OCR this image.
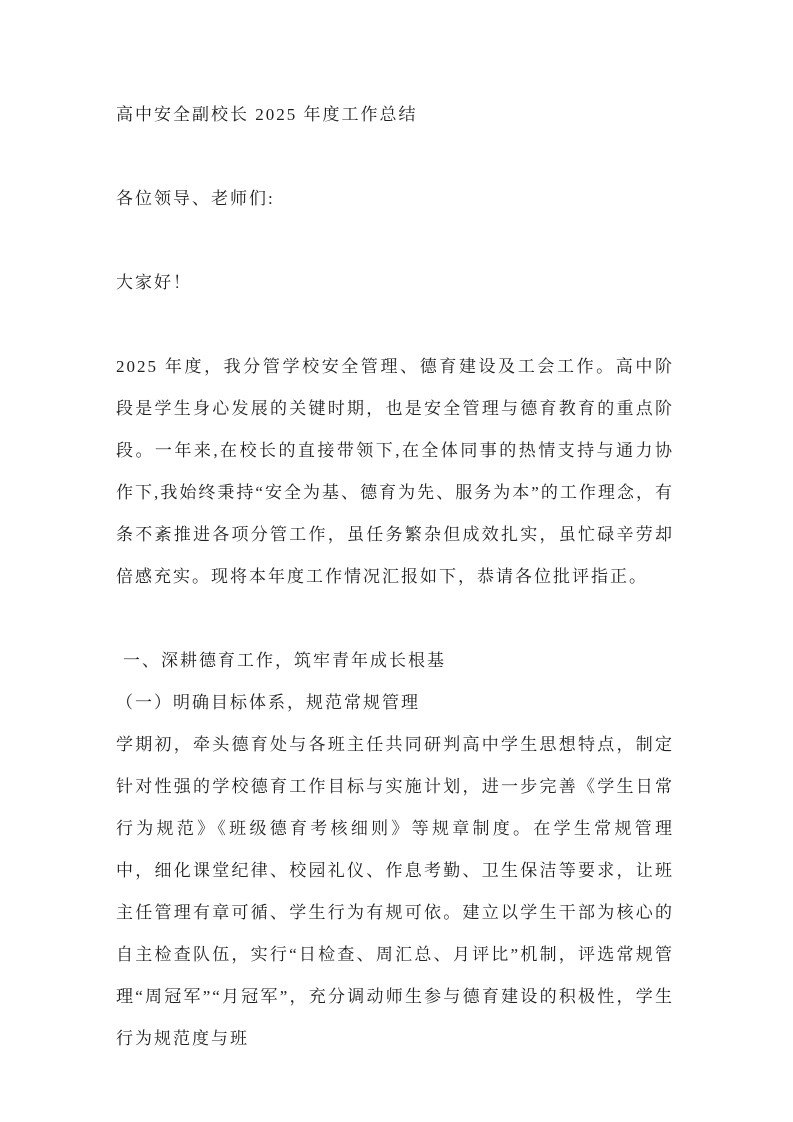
高中安全副校长 2025 年度工作总结

各位领导、老师们:

大家好！

2025 年度，我分管学校安全管理、德育建设及工会工作。高中阶段是学生身心发展的关键时期，也是安全管理与德育教育的重点阶段。一年来,在校长的直接带领下,在全体同事的热情支持与通力协作下,我始终秉持“安全为基、德育为先、服务为本”的工作理念，有条不紊推进各项分管工作，虽任务繁杂但成效扎实，虽忙碌辛劳却倍感充实。现将本年度工作情况汇报如下，恭请各位批评指正。

一、深耕德育工作，筑牢青年成长根基

（一）明确目标体系，规范常规管理

学期初，牵头德育处与各班主任共同研判高中学生思想特点，制定针对性强的学校德育工作目标与实施计划，进一步完善《学生日常行为规范》《班级德育考核细则》等规章制度。在学生常规管理中，细化课堂纪律、校园礼仪、作息考勤、卫生保洁等要求，让班主任管理有章可循、学生行为有规可依。建立以学生干部为核心的自主检查队伍，实行“日检查、周汇总、月评比”机制，评选常规管理“周冠军”“月冠军”，充分调动师生参与德育建设的积极性，学生行为规范度与班
